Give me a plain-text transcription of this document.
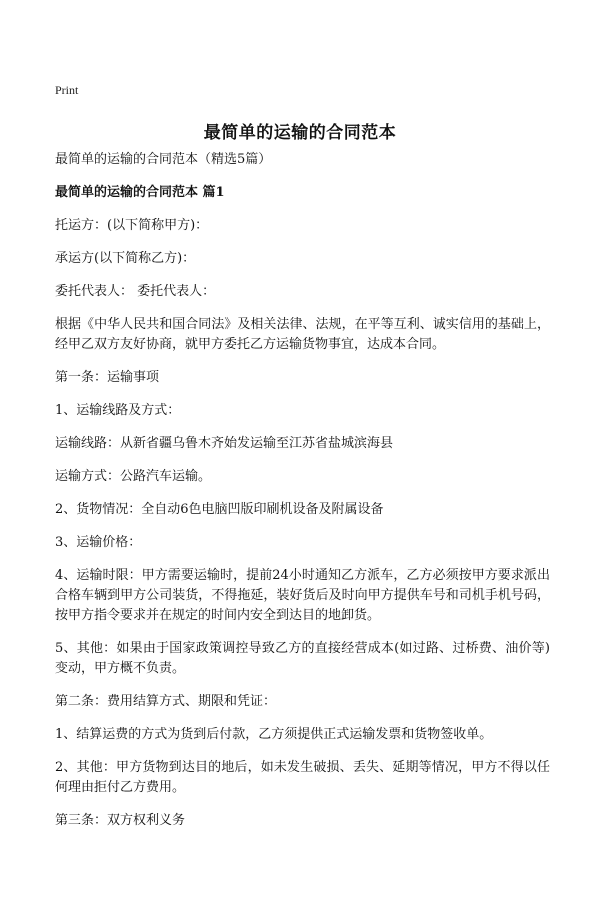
Print
最简单的运输的合同范本

最简单的运输的合同范本（精选5篇）

最简单的运输的合同范本 篇1

托运方：(以下简称甲方)：

承运方(以下简称乙方)：

委托代表人： 委托代表人：

根据《中华人民共和国合同法》及相关法律、法规，在平等互利、诚实信用的基础上，经甲乙双方友好协商，就甲方委托乙方运输货物事宜，达成本合同。

第一条：运输事项

1、运输线路及方式：

运输线路：从新省疆乌鲁木齐始发运输至江苏省盐城滨海县

运输方式：公路汽车运输。

2、货物情况：全自动6色电脑凹版印刷机设备及附属设备

3、运输价格：

4、运输时限：甲方需要运输时，提前24小时通知乙方派车，乙方必须按甲方要求派出合格车辆到甲方公司装货，不得拖延，装好货后及时向甲方提供车号和司机手机号码，按甲方指令要求并在规定的时间内安全到达目的地卸货。

5、其他：如果由于国家政策调控导致乙方的直接经营成本(如过路、过桥费、油价等)变动，甲方概不负责。

第二条：费用结算方式、期限和凭证：

1、结算运费的方式为货到后付款，乙方须提供正式运输发票和货物签收单。

2、其他：甲方货物到达目的地后，如未发生破损、丢失、延期等情况，甲方不得以任何理由拒付乙方费用。

第三条：双方权利义务
